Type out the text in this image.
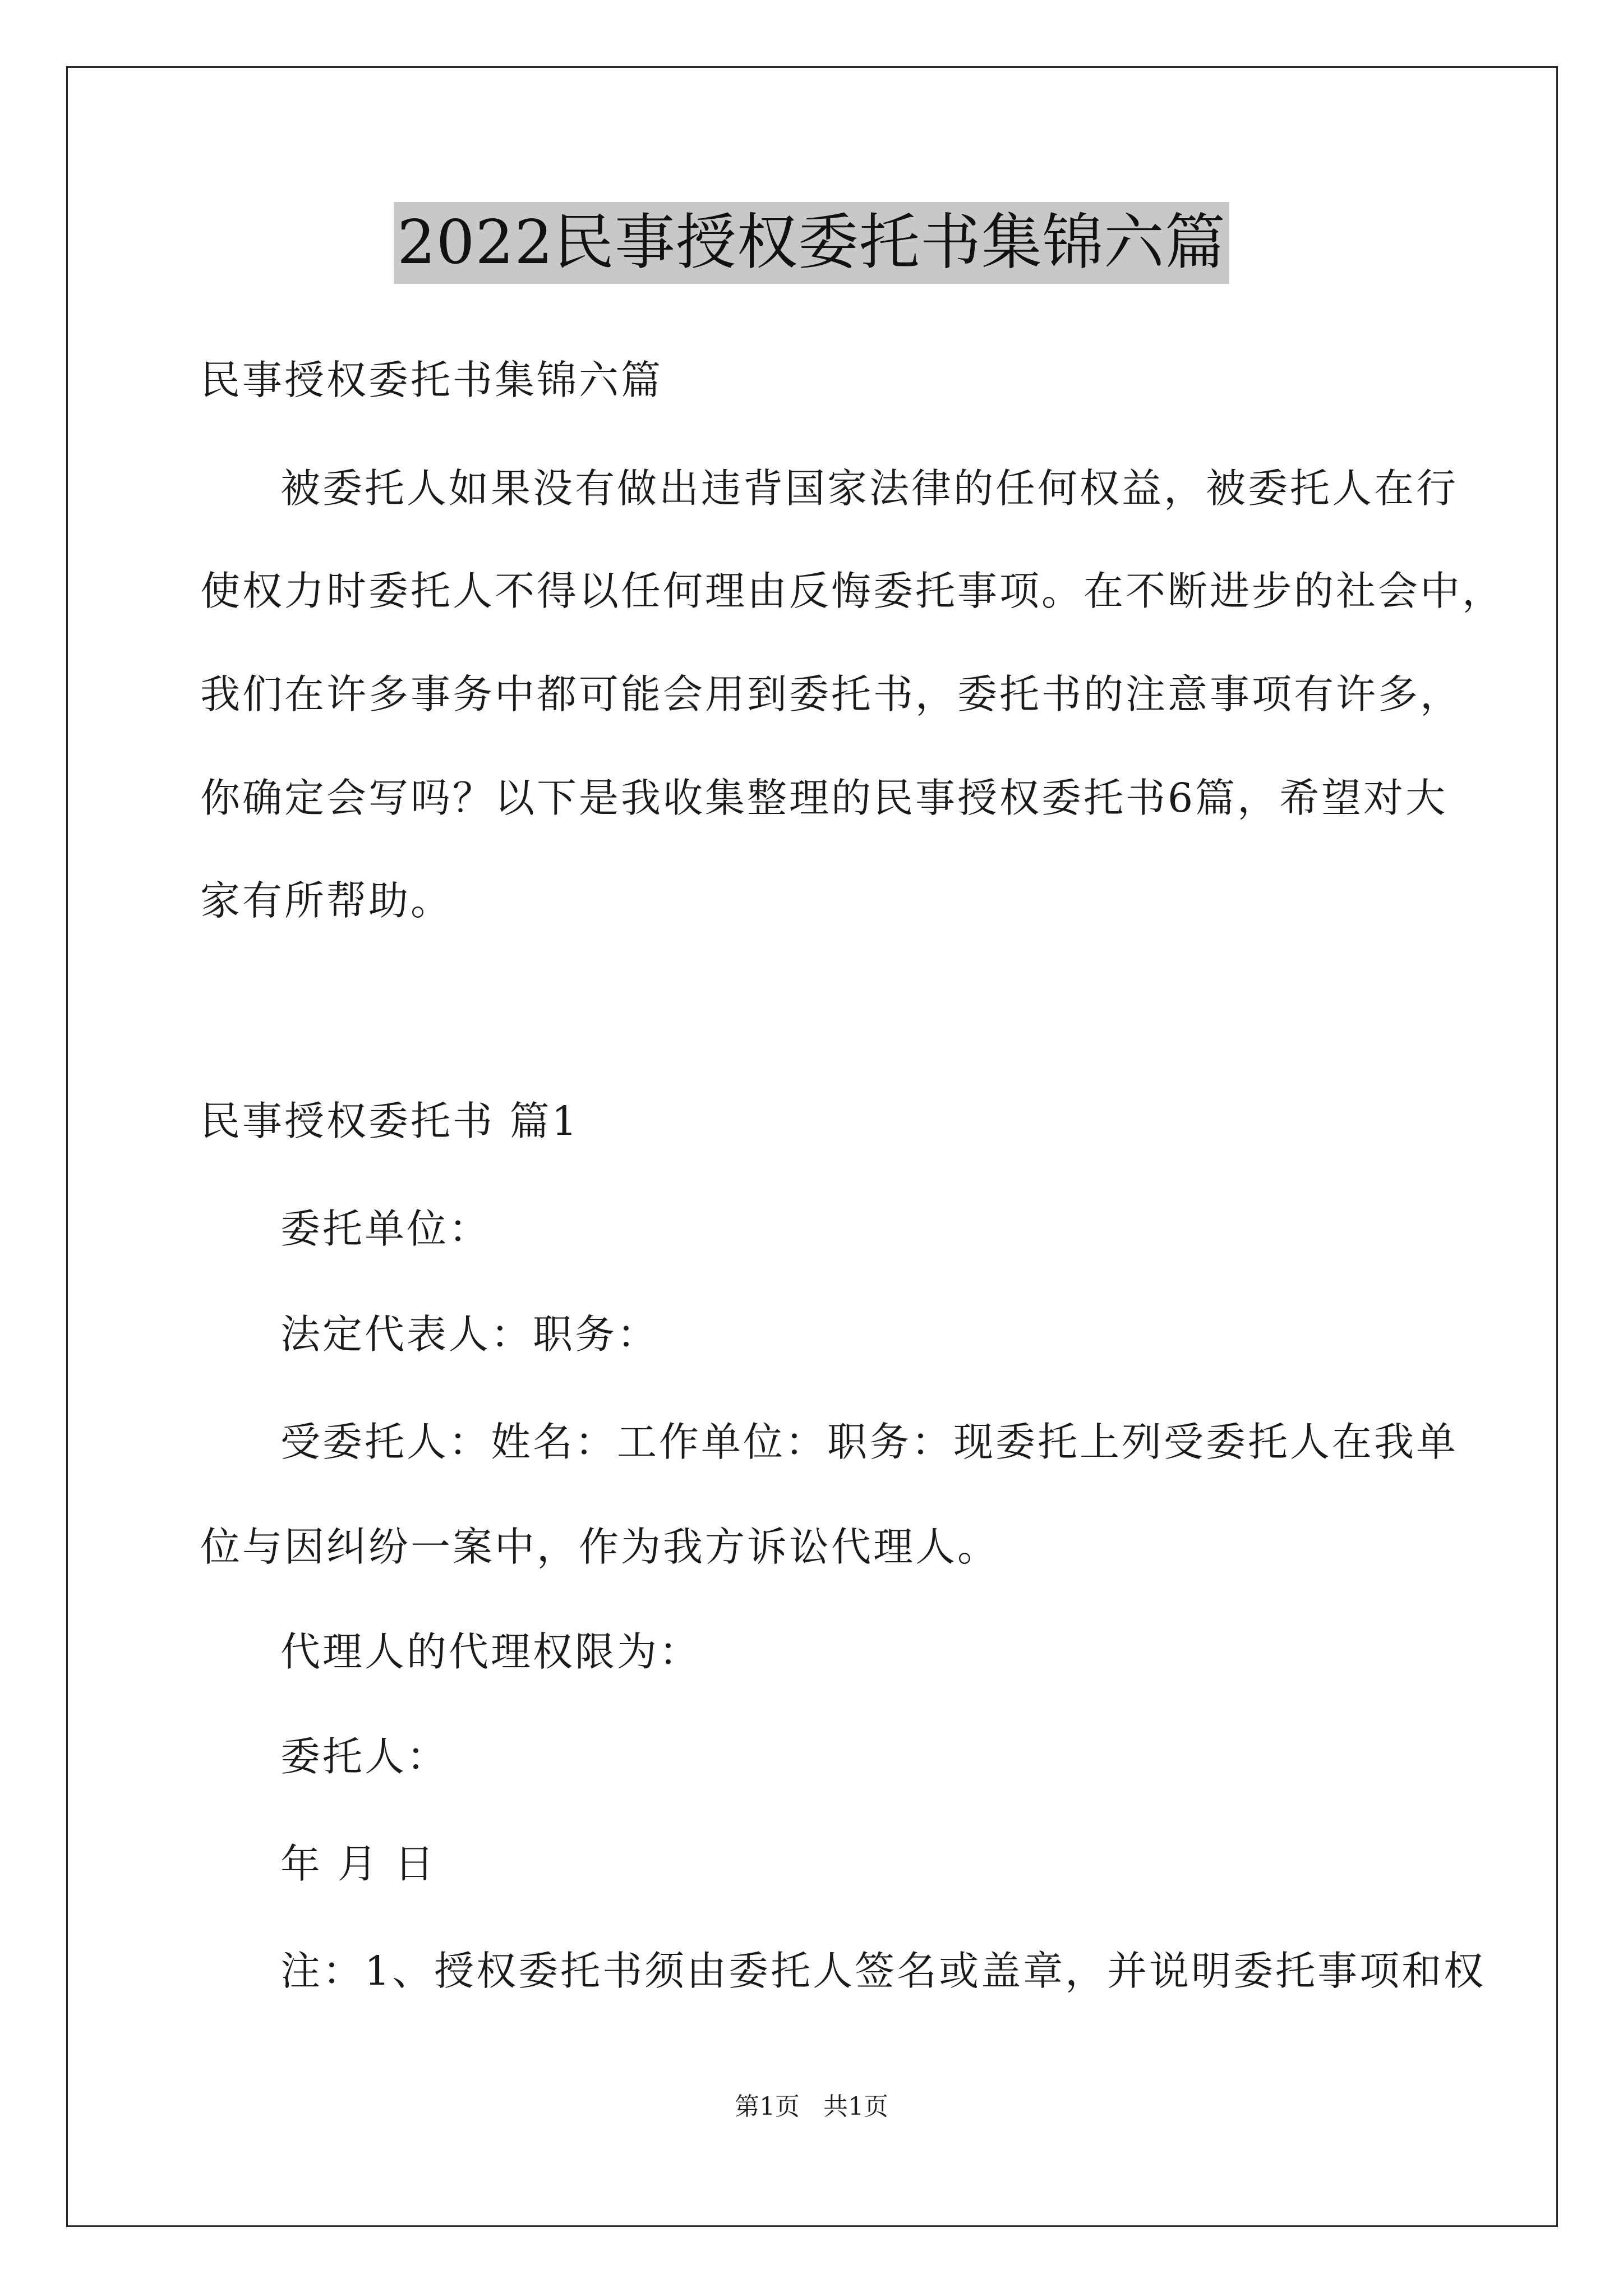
2022民事授权委托书集锦六篇
民事授权委托书集锦六篇
被委托人如果没有做出违背国家法律的任何权益，被委托人在行
使权力时委托人不得以任何理由反悔委托事项。在不断进步的社会中，
我们在许多事务中都可能会用到委托书，委托书的注意事项有许多，
你确定会写吗？以下是我收集整理的民事授权委托书6篇，希望对大
家有所帮助。
民事授权委托书 篇1
委托单位：
法定代表人：职务：
受委托人：姓名：工作单位：职务：现委托上列受委托人在我单
位与因纠纷一案中，作为我方诉讼代理人。
代理人的代理权限为：
委托人：
年 月 日
注：1、授权委托书须由委托人签名或盖章，并说明委托事项和权
第1页 共1页
